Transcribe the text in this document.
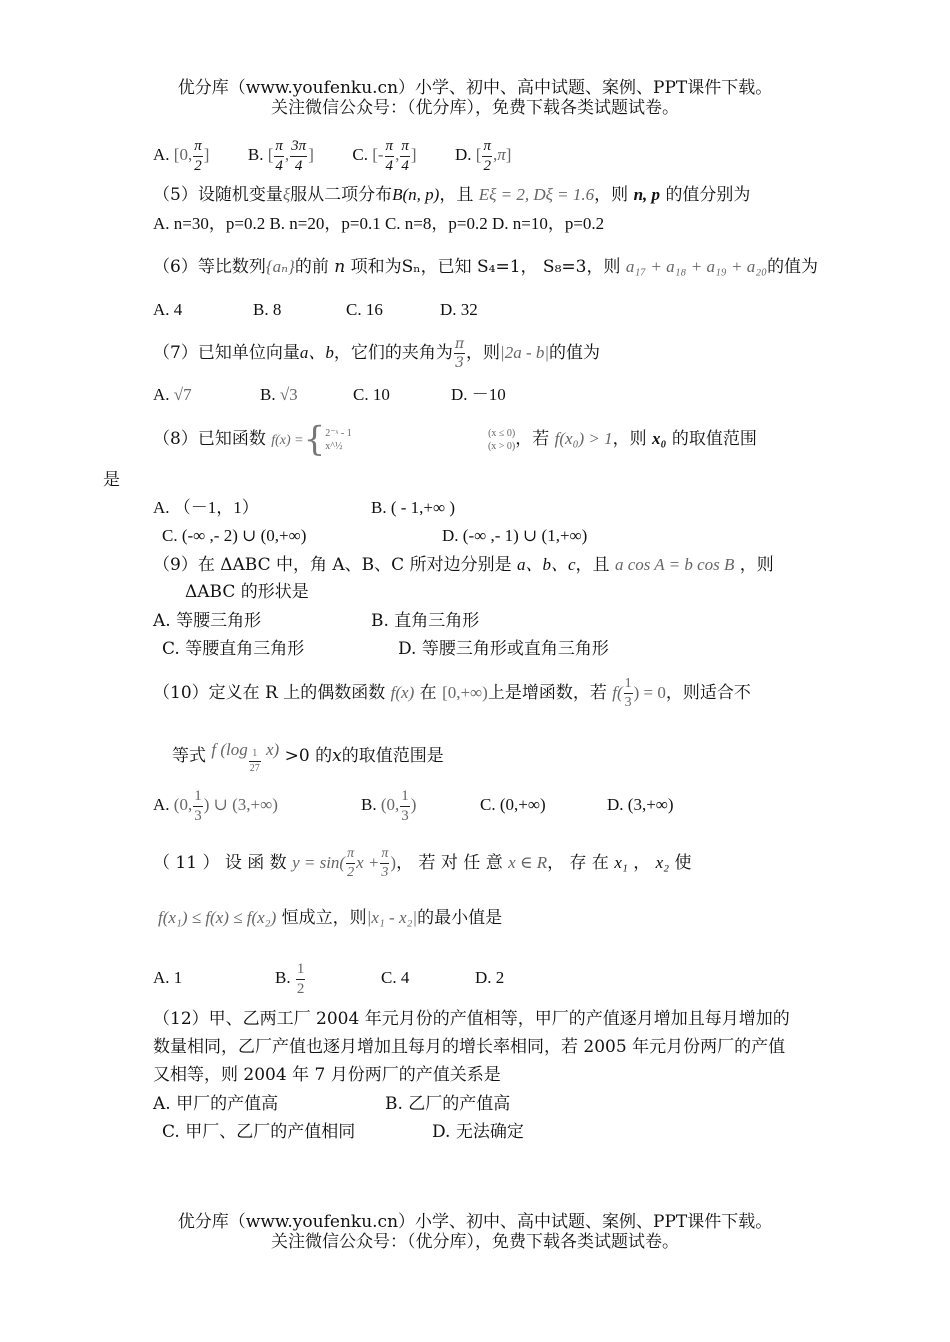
优分库（www.youfenku.cn）小学、初中、高中试题、案例、PPT课件下载。
关注微信公众号：（优分库），免费下载各类试题试卷。
A. [0, $\frac{\pi}{2}$ ] B. [ $\frac{\pi}{4}$ , $\frac{3\pi}{4}$ ] C. [- $\frac{\pi}{4}$ , $\frac{\pi}{4}$ ] D. [ $\frac{\pi}{2} ,\pi$]
（5）设随机变量ξ服从二项分布B(n, p)，且 Eξ = 2, Dξ = 1.6，则 n, p 的值分别为
A. n=30，p=0.2 B. n=20，p=0.1 C. n=8，p=0.2 D. n=10，p=0.2
（6）等比数列{aₙ}的前 n 项和为Sₙ，已知 S₄=1， S₈=3，则 a₁₇ + a₁₈ + a₁₉ + a₂₀的值为
A. 4	B. 8	C. 16	D. 32
（7）已知单位向量a、b，它们的夹角为 $\frac{\pi}{3}$ ，则|2a - b|的值为
A. √7	B. √3	C. 10	D. －10
（8）已知函数 f(x) ={ 2⁻ˣ - 1	(x ≤ 0)
x^½	(x > 0) ，若 f(x₀) > 1，则 x₀ 的取值范围
是
A. （－1，1）	B. ( - 1,+∞ )
C. (-∞ ,- 2) ∪ (0,+∞)	D. (-∞ ,- 1) ∪ (1,+∞)
（9）在 ΔABC 中，角 A、B、C 所对边分别是 a、b、c，且 a cos A = b cos B ，则
ΔABC 的形状是
A. 等腰三角形	B. 直角三角形
C. 等腰直角三角形	D. 等腰三角形或直角三角形
（10）定义在 R 上的偶数函数 f(x) 在 [0,+∞)上是增函数，若 $f( \frac{1}{3}$ ) = 0，则适合不
等式 f $(\log \frac{1}{27} x) >0$ 的x的取值范围是
A. (0, $\frac{1}{3}$ ) ∪ (3,+∞)	B. (0, $\frac{1}{3}$ )	C. (0,+∞)	D. (3,+∞)
（ 11 ） 设 函 数 $y = \sin( \frac{\pi}{2}$ $x + \frac{\pi}{3}$ )， 若 对 任 意 x ∈ R， 存 在 x₁ ， x₂ 使
f(x₁) ≤ f(x) ≤ f(x₂) 恒成立，则|x₁ - x₂|的最小值是
A. 1	B. $\frac{1}{2}$	C. 4	D. 2
（12）甲、乙两工厂 2004 年元月份的产值相等，甲厂的产值逐月增加且每月增加的
数量相同，乙厂产值也逐月增加且每月的增长率相同，若 2005 年元月份两厂的产值
又相等，则 2004 年 7 月份两厂的产值关系是
A. 甲厂的产值高	B. 乙厂的产值高
C. 甲厂、乙厂的产值相同	D. 无法确定
优分库（www.youfenku.cn）小学、初中、高中试题、案例、PPT课件下载。
关注微信公众号：（优分库），免费下载各类试题试卷。
